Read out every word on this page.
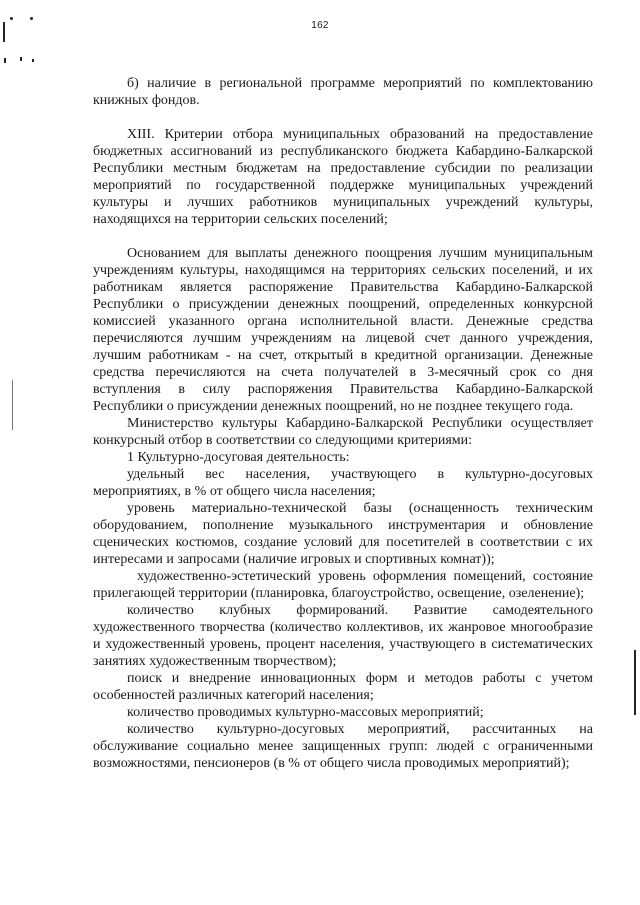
162

б) наличие в региональной программе мероприятий по комплектованию книжных фондов.

XIII. Критерии отбора муниципальных образований на предоставление бюджетных ассигнований из республиканского бюджета Кабардино-Балкарской Республики местным бюджетам на предоставление субсидии по реализации мероприятий по государственной поддержке муниципальных учреждений культуры и лучших работников муниципальных учреждений культуры, находящихся на территории сельских поселений;

Основанием для выплаты денежного поощрения лучшим муниципальным учреждениям культуры, находящимся на территориях сельских поселений, и их работникам является распоряжение Правительства Кабардино-Балкарской Республики о присуждении денежных поощрений, определенных конкурсной комиссией указанного органа исполнительной власти. Денежные средства перечисляются лучшим учреждениям на лицевой счет данного учреждения, лучшим работникам - на счет, открытый в кредитной организации. Денежные средства перечисляются на счета получателей в 3-месячный срок со дня вступления в силу распоряжения Правительства Кабардино-Балкарской Республики о присуждении денежных поощрений, но не позднее текущего года.

Министерство культуры Кабардино-Балкарской Республики осуществляет конкурсный отбор в соответствии со следующими критериями:

1 Культурно-досуговая деятельность:

удельный вес населения, участвующего в культурно-досуговых мероприятиях, в % от общего числа населения;

уровень материально-технической базы (оснащенность техническим оборудованием, пополнение музыкального инструментария и обновление сценических костюмов, создание условий для посетителей в соответствии с их интересами и запросами (наличие игровых и спортивных комнат));

художественно-эстетический уровень оформления помещений, состояние прилегающей территории (планировка, благоустройство, освещение, озеленение);

количество клубных формирований. Развитие самодеятельного художественного творчества (количество коллективов, их жанровое многообразие и художественный уровень, процент населения, участвующего в систематических занятиях художественным творчеством);

поиск и внедрение инновационных форм и методов работы с учетом особенностей различных категорий населения;

количество проводимых культурно-массовых мероприятий;

количество культурно-досуговых мероприятий, рассчитанных на обслуживание социально менее защищенных групп: людей с ограниченными возможностями, пенсионеров (в % от общего числа проводимых мероприятий);
